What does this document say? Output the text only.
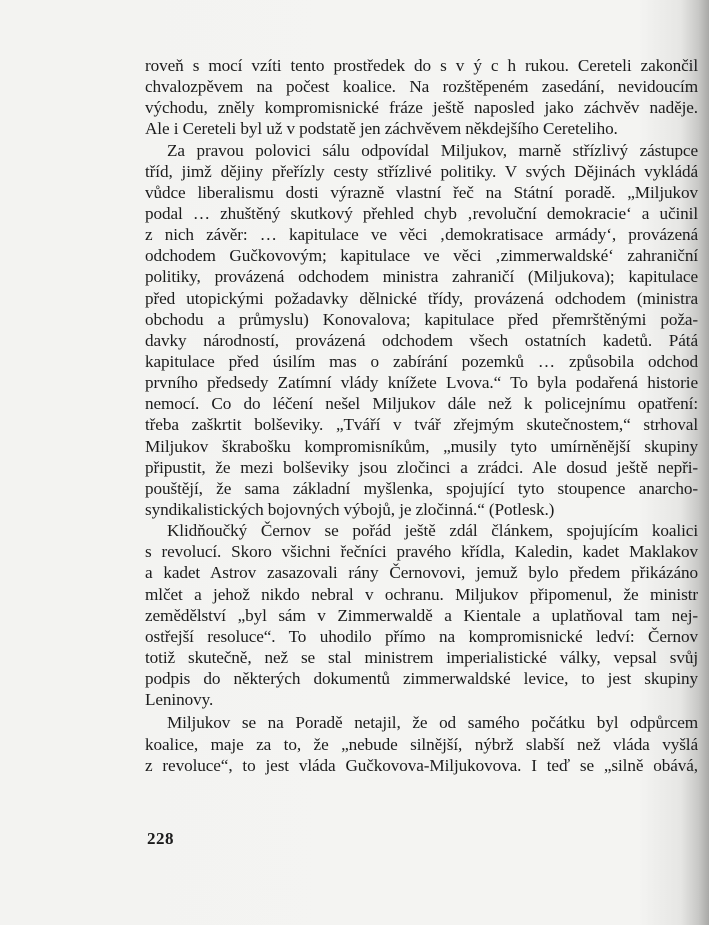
roveň s mocí vzíti tento prostředek do s v ý c h rukou. Cereteli zakončil
chvalozpěvem na počest koalice. Na rozštěpeném zasedání, nevidoucím
východu, zněly kompromisnické fráze ještě naposled jako záchvěv naděje.
Ale i Cereteli byl už v podstatě jen záchvěvem někdejšího Cereteliho.
Za pravou polovici sálu odpovídal Miljukov, marně střízlivý zástupce
tříd, jimž dějiny přeřízly cesty střízlivé politiky. V svých Dějinách vykládá
vůdce liberalismu dosti výrazně vlastní řeč na Státní poradě. „Miljukov
podal … zhuštěný skutkový přehled chyb ‚revoluční demokracie‘ a učinil
z nich závěr: … kapitulace ve věci ‚demokratisace armády‘, provázená
odchodem Gučkovovým; kapitulace ve věci ‚zimmerwaldské‘ zahraniční
politiky, provázená odchodem ministra zahraničí (Miljukova); kapitulace
před utopickými požadavky dělnické třídy, provázená odchodem (ministra
obchodu a průmyslu) Konovalova; kapitulace před přemrštěnými poža-
davky národností, provázená odchodem všech ostatních kadetů. Pátá
kapitulace před úsilím mas o zabírání pozemků … způsobila odchod
prvního předsedy Zatímní vlády knížete Lvova.“ To byla podařená historie
nemocí. Co do léčení nešel Miljukov dále než k policejnímu opatření:
třeba zaškrtit bolševiky. „Tváří v tvář zřejmým skutečnostem,“ strhoval
Miljukov škrabošku kompromisníkům, „musily tyto umírněnější skupiny
připustit, že mezi bolševiky jsou zločinci a zrádci. Ale dosud ještě nepři-
pouštějí, že sama základní myšlenka, spojující tyto stoupence anarcho-
syndikalistických bojovných výbojů, je zločinná.“ (Potlesk.)
Klidňoučký Černov se pořád ještě zdál článkem, spojujícím koalici
s revolucí. Skoro všichni řečníci pravého křídla, Kaledin, kadet Maklakov
a kadet Astrov zasazovali rány Černovovi, jemuž bylo předem přikázáno
mlčet a jehož nikdo nebral v ochranu. Miljukov připomenul, že ministr
zemědělství „byl sám v Zimmerwaldě a Kientale a uplatňoval tam nej-
ostřejší resoluce“. To uhodilo přímo na kompromisnické ledví: Černov
totiž skutečně, než se stal ministrem imperialistické války, vepsal svůj
podpis do některých dokumentů zimmerwaldské levice, to jest skupiny
Leninovy.
Miljukov se na Poradě netajil, že od samého počátku byl odpůrcem
koalice, maje za to, že „nebude silnější, nýbrž slabší než vláda vyšlá
z revoluce“, to jest vláda Gučkovova-Miljukovova. I teď se „silně obává,
228
